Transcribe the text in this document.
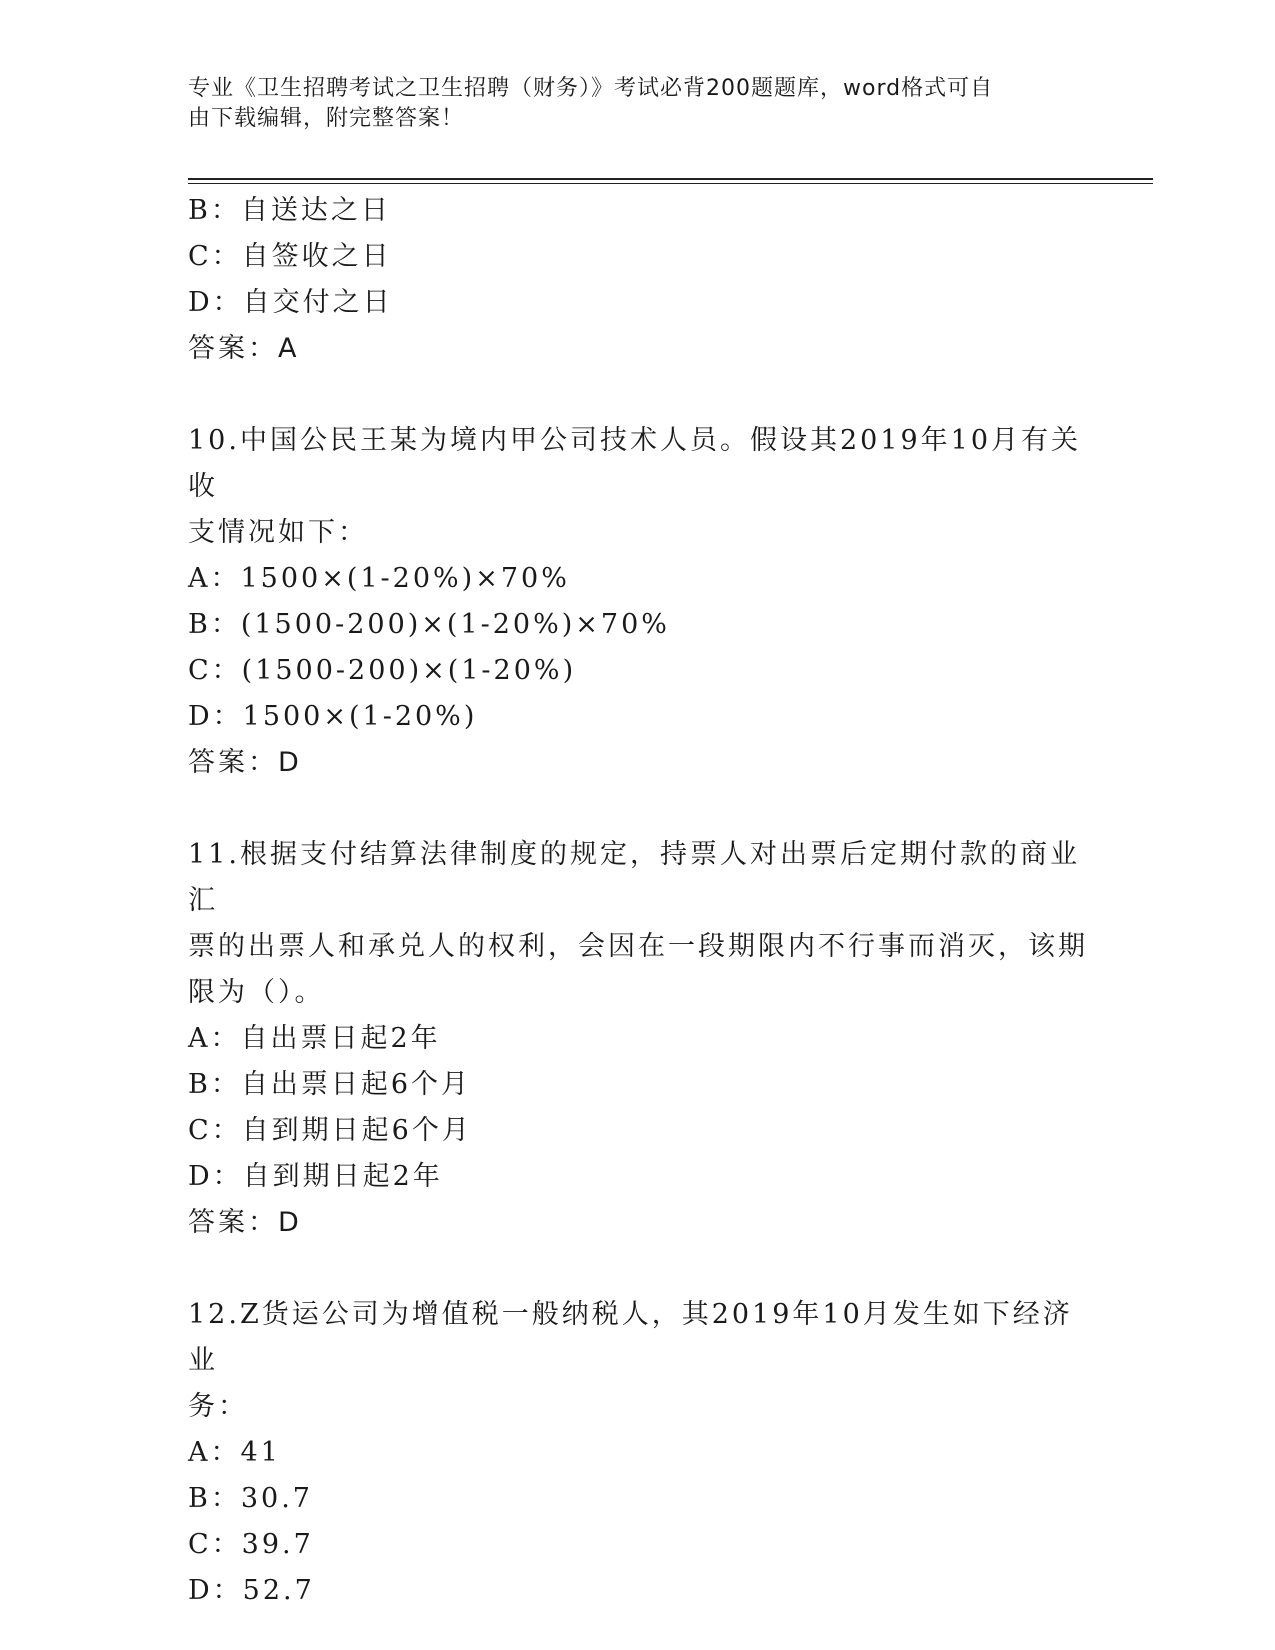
专业《卫生招聘考试之卫生招聘（财务）》考试必背200题题库，word格式可自
由下载编辑，附完整答案！
B：自送达之日
C：自签收之日
D：自交付之日
答案：A
10.中国公民王某为境内甲公司技术人员。假设其2019年10月有关收
支情况如下：
A：1500×(1-20%)×70%
B：(1500-200)×(1-20%)×70%
C：(1500-200)×(1-20%)
D：1500×(1-20%)
答案：D
11.根据支付结算法律制度的规定，持票人对出票后定期付款的商业汇
票的出票人和承兑人的权利，会因在一段期限内不行事而消灭，该期
限为（）。
A：自出票日起2年
B：自出票日起6个月
C：自到期日起6个月
D：自到期日起2年
答案：D
12.Z货运公司为增值税一般纳税人，其2019年10月发生如下经济业
务：
A：41
B：30.7
C：39.7
D：52.7
